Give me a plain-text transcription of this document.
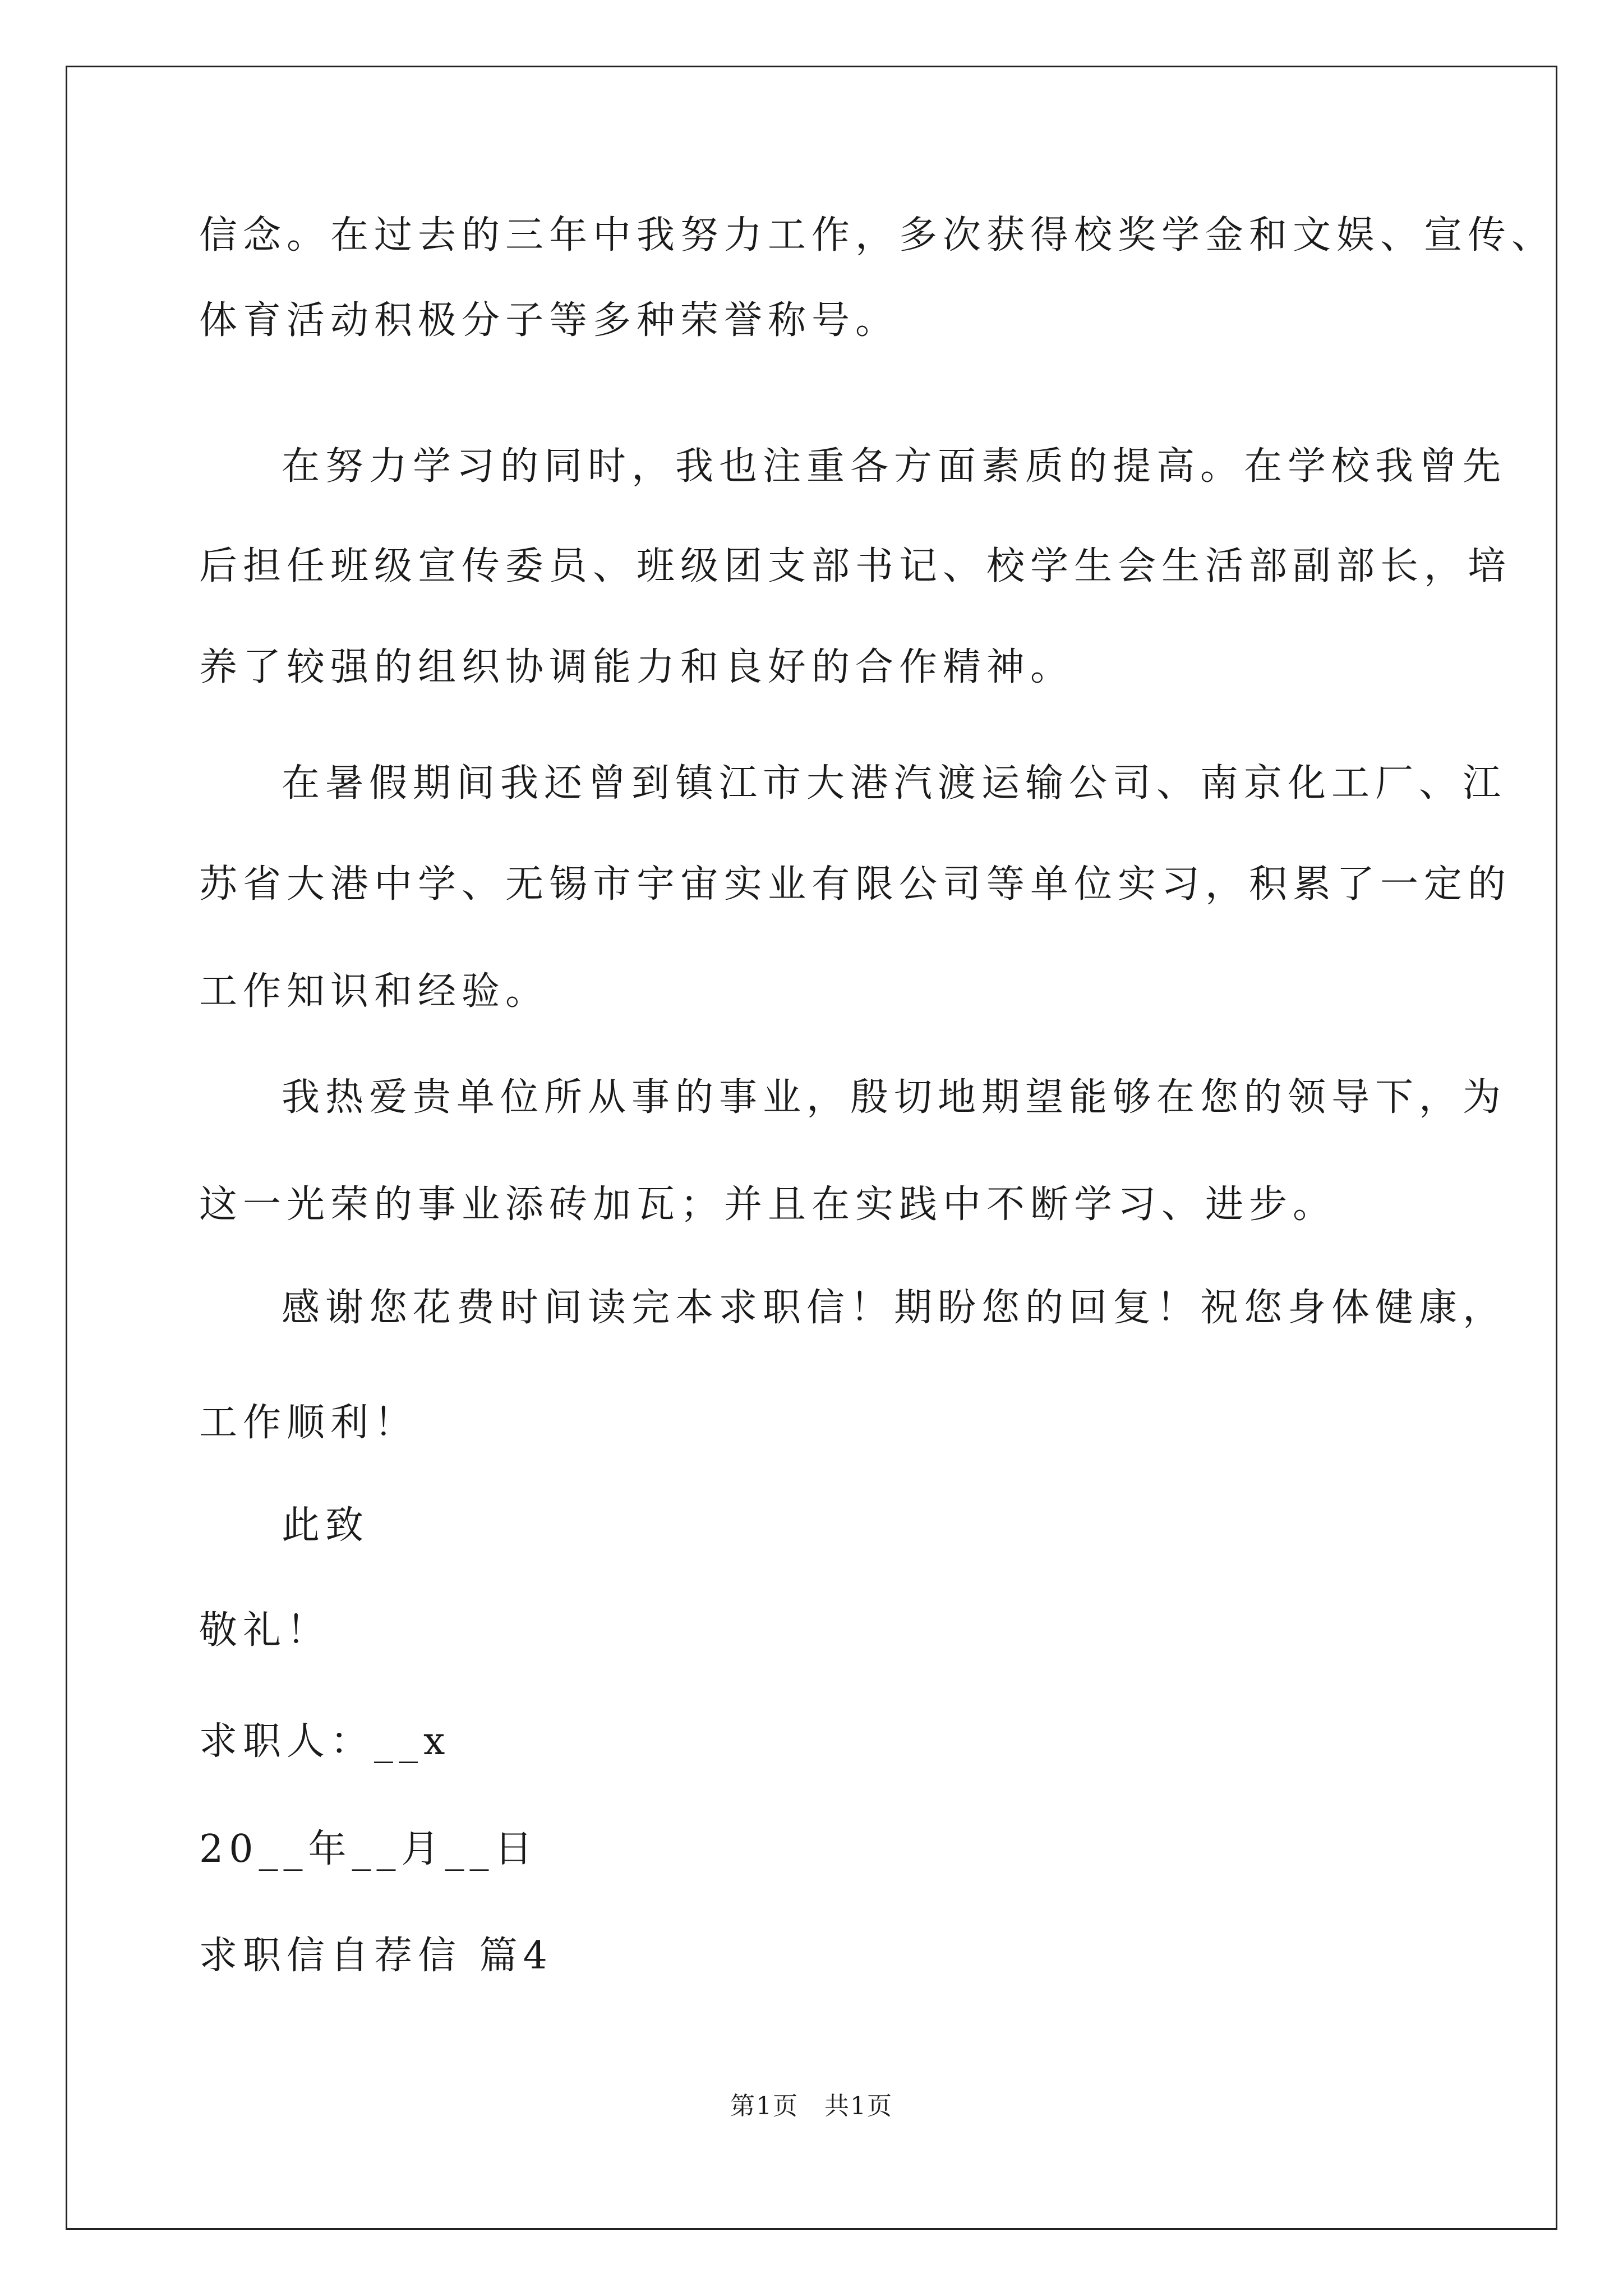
信念。在过去的三年中我努力工作，多次获得校奖学金和文娱、宣传、
体育活动积极分子等多种荣誉称号。
在努力学习的同时，我也注重各方面素质的提高。在学校我曾先
后担任班级宣传委员、班级团支部书记、校学生会生活部副部长，培
养了较强的组织协调能力和良好的合作精神。
在暑假期间我还曾到镇江市大港汽渡运输公司、南京化工厂、江
苏省大港中学、无锡市宇宙实业有限公司等单位实习，积累了一定的
工作知识和经验。
我热爱贵单位所从事的事业，殷切地期望能够在您的领导下，为
这一光荣的事业添砖加瓦；并且在实践中不断学习、进步。
感谢您花费时间读完本求职信！期盼您的回复！祝您身体健康，
工作顺利！
此致
敬礼！
求职人：__x
20__年__月__日
求职信自荐信 篇4
第1页　共1页
